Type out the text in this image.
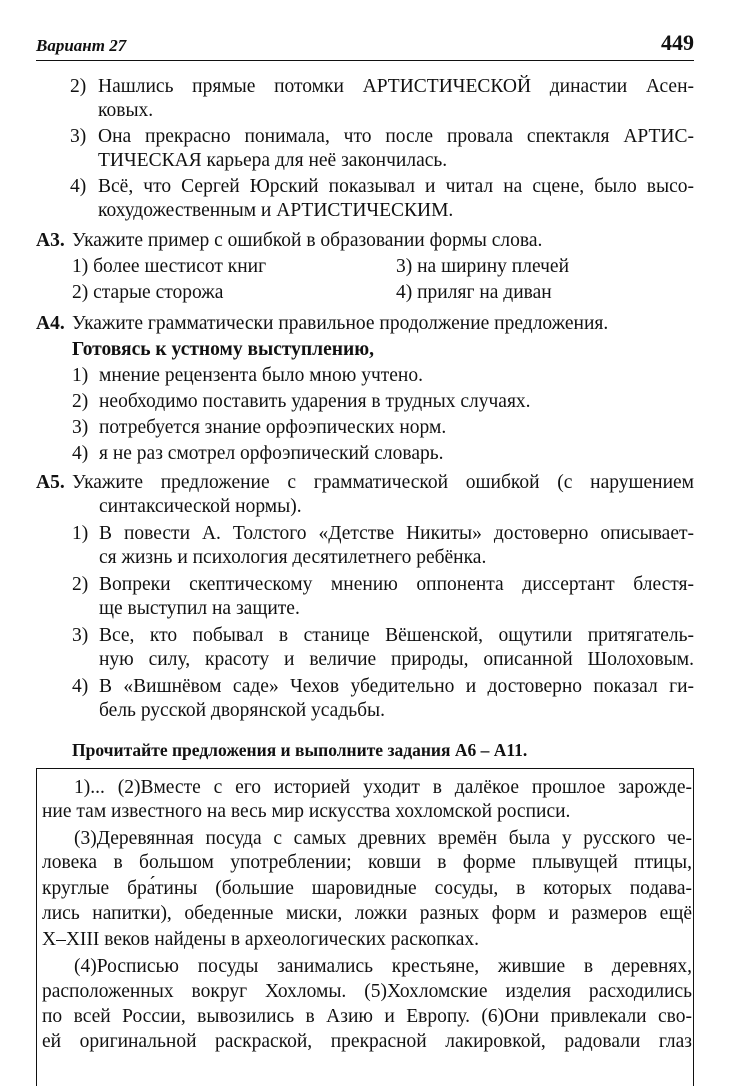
Вариант 27	449
2) Нашлись прямые потомки АРТИСТИЧЕСКОЙ династии Асен-
ковых.
3) Она прекрасно понимала, что после провала спектакля АРТИС-
ТИЧЕСКАЯ карьера для неё закончилась.
4) Всё, что Сергей Юрский показывал и читал на сцене, было высо-
кохудожественным и АРТИСТИЧЕСКИМ.
А3. Укажите пример с ошибкой в образовании формы слова.
1) более шестисот книг	3) на ширину плечей
2) старые сторожа	4) приляг на диван
А4. Укажите грамматически правильное продолжение предложения.
Готовясь к устному выступлению,
1) мнение рецензента было мною учтено.
2) необходимо поставить ударения в трудных случаях.
3) потребуется знание орфоэпических норм.
4) я не раз смотрел орфоэпический словарь.
А5. Укажите предложение с грамматической ошибкой (с нарушением
синтаксической нормы).
1) В повести А. Толстого «Детстве Никиты» достоверно описывает-
ся жизнь и психология десятилетнего ребёнка.
2) Вопреки скептическому мнению оппонента диссертант блестя-
ще выступил на защите.
3) Все, кто побывал в станице Вёшенской, ощутили притягатель-
ную силу, красоту и величие природы, описанной Шолоховым.
4) В «Вишнёвом саде» Чехов убедительно и достоверно показал ги-
бель русской дворянской усадьбы.
Прочитайте предложения и выполните задания А6 – А11.
1)... (2)Вместе с его историей уходит в далёкое прошлое зарожде-
ние там известного на весь мир искусства хохломской росписи.
(3)Деревянная посуда с самых древних времён была у русского че-
ловека в большом употреблении; ковши в форме плывущей птицы,
круглые бра́тины (большие шаровидные сосуды, в которых подава-
лись напитки), обеденные миски, ложки разных форм и размеров ещё
X–XIII веков найдены в археологических раскопках.
(4)Росписью посуды занимались крестьяне, жившие в деревнях,
расположенных вокруг Хохломы. (5)Хохломские изделия расходились
по всей России, вывозились в Азию и Европу. (6)Они привлекали сво-
ей оригинальной раскраской, прекрасной лакировкой, радовали глаз
